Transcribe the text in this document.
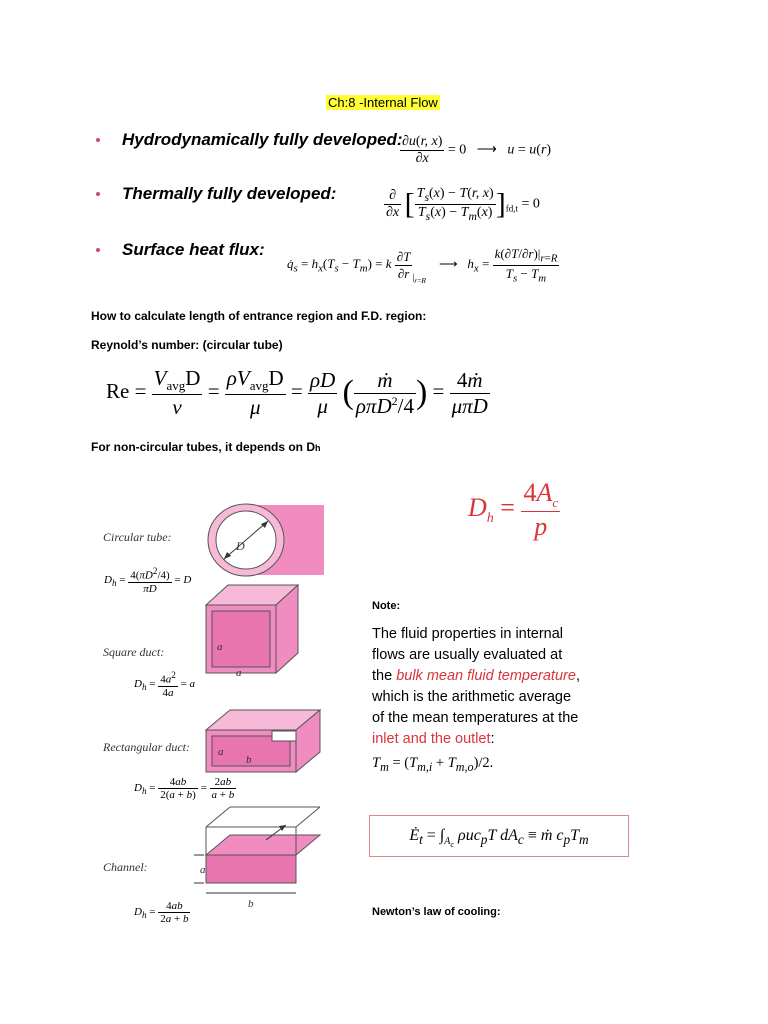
Ch:8 -Internal Flow
Hydrodynamically fully developed:
$\frac{\partial u(r, x)}{\partial x} = 0$   ⟶   u = u(r)
Thermally fully developed:	$\frac{\partial}{\partial x}$ [ $\frac{T_s(x) - T(r, x)}{T_s(x) - T_m(x)} ]_{fd,t} = 0$
Surface heat flux:
$q̇_s = h_x(T_s - T_m) = k \frac{\partial T}{\partial r} _{|_{r=R}}$    ⟶   $h_x = \frac{k(\partial T/\partial r)|_{r=R}}{T_s - T_m}$
How to calculate length of entrance region and F.D. region:
Reynold’s number: (circular tube)
$Re = \frac{V_{avg}D}{\nu} = \frac{\rho V_{avg}D}{\mu} = \frac{\rho D}{\mu}$ ( $\frac{\text{ṁ}}{\rho\pi D^2/4}$ ) = $\frac{\text{4ṁ}}{\text{μπD}}$
For non-circular tubes, it depends on Dh
$D_h = \frac{4A_c}{p}$
D
a
a
a
b
a
b
Circular tube:
$D_h = \frac{4(\pi D^2/4)}{\pi D} = D$
Square duct:
$D_h = \frac{4a^2}{4a} = a$
Rectangular duct:
$D_h = \frac{4ab}{2(a + b)} = \frac{2ab}{a + b}$
Channel:
$D_h = \frac{4ab}{2a + b}$
Note:
The fluid properties in internal
flows are usually evaluated at
the bulk mean fluid temperature,
which is the arithmetic average
of the mean temperatures at the
inlet and the outlet:
$T_m = (T_{m,i} + T_{m,o})/2$.
$Ė_t = \int_{A_c}$ ρuc$_p$T $dA_c$ ≡ ṁ $c_pT_m$
Newton’s law of cooling:
